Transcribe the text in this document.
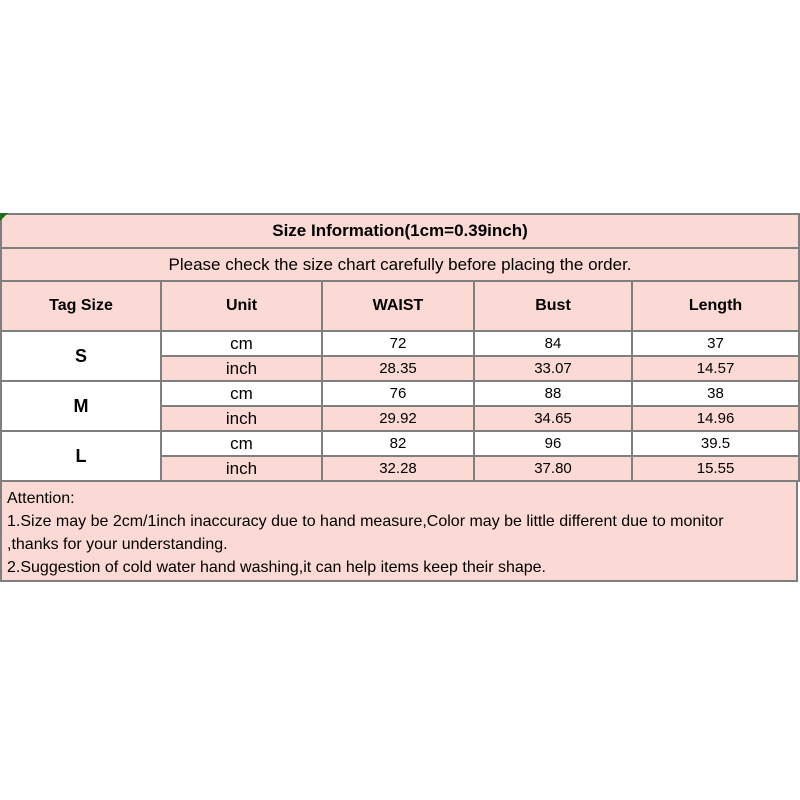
Size Information(1cm=0.39inch)				
Please check the size chart carefully before placing the order.				
Tag Size	Unit	WAIST	Bust	Length
S	cm	72	84	37
	inch	28.35	33.07	14.57
M	cm	76	88	38
	inch	29.92	34.65	14.96
L	cm	82	96	39.5
	inch	32.28	37.80	15.55
Attention:
1.Size may be 2cm/1inch inaccuracy due to hand measure,Color may be little different due to monitor
,thanks for your understanding.
2.Suggestion of cold water hand washing,it can help items keep their shape.
